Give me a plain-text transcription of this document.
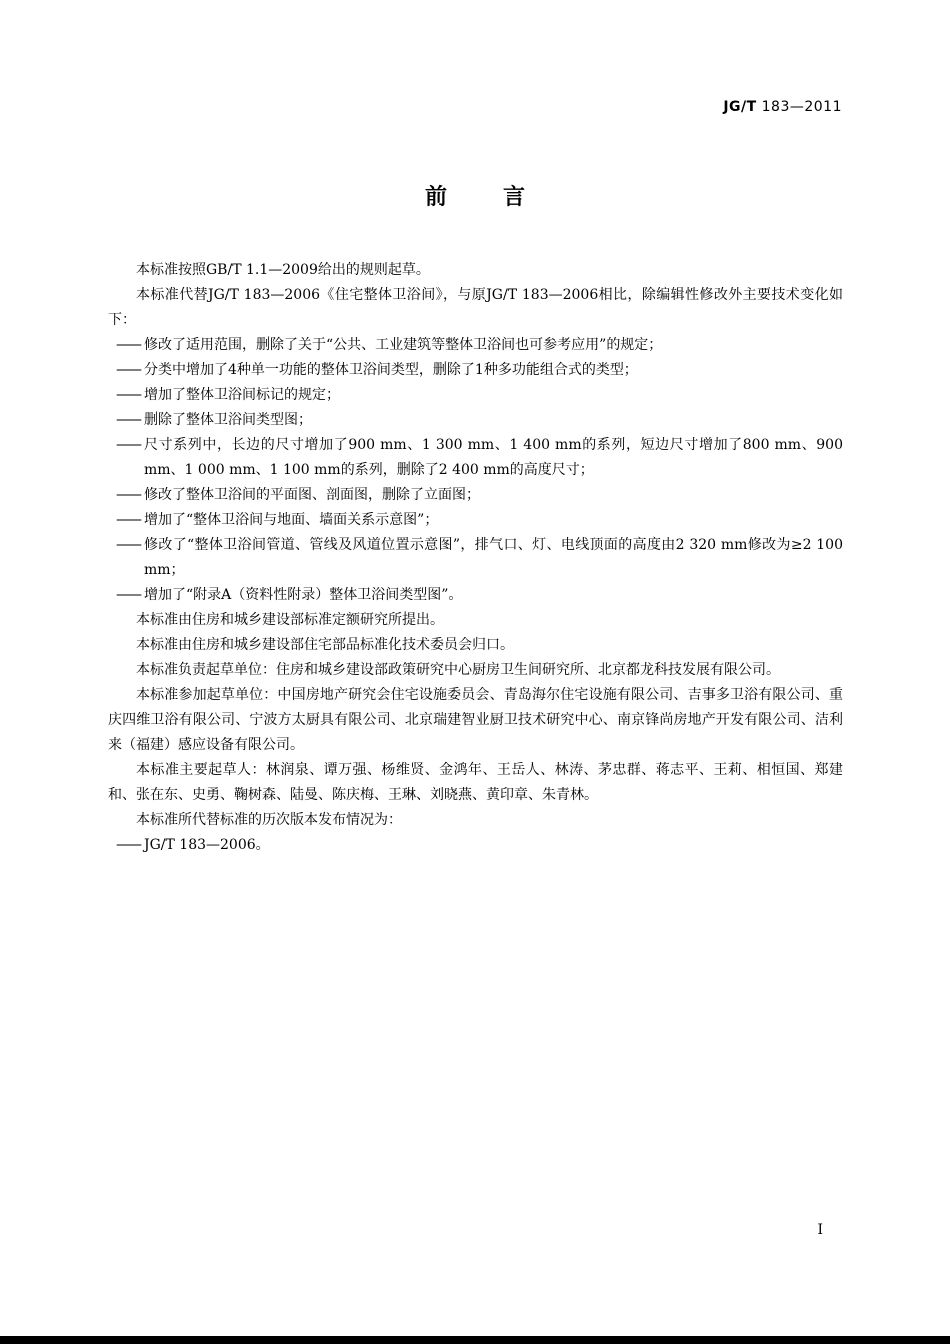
JG/T 183—2011
前言

本标准按照GB/T 1.1—2009给出的规则起草。

本标准代替JG/T 183—2006《住宅整体卫浴间》，与原JG/T 183—2006相比，除编辑性修改外主要技术变化如下：

—— 修改了适用范围，删除了关于“公共、工业建筑等整体卫浴间也可参考应用”的规定；
—— 分类中增加了4种单一功能的整体卫浴间类型，删除了1种多功能组合式的类型；
—— 增加了整体卫浴间标记的规定；
—— 删除了整体卫浴间类型图；
—— 尺寸系列中，长边的尺寸增加了900 mm、1 300 mm、1 400 mm的系列，短边尺寸增加了800 mm、900 mm、1 000 mm、1 100 mm的系列，删除了2 400 mm的高度尺寸；
—— 修改了整体卫浴间的平面图、剖面图，删除了立面图；
—— 增加了“整体卫浴间与地面、墙面关系示意图”；
—— 修改了“整体卫浴间管道、管线及风道位置示意图”，排气口、灯、电线顶面的高度由2 320 mm修改为≥2 100 mm；
—— 增加了“附录A（资料性附录）整体卫浴间类型图”。

本标准由住房和城乡建设部标准定额研究所提出。

本标准由住房和城乡建设部住宅部品标准化技术委员会归口。

本标准负责起草单位：住房和城乡建设部政策研究中心厨房卫生间研究所、北京都龙科技发展有限公司。

本标准参加起草单位：中国房地产研究会住宅设施委员会、青岛海尔住宅设施有限公司、吉事多卫浴有限公司、重庆四维卫浴有限公司、宁波方太厨具有限公司、北京瑞建智业厨卫技术研究中心、南京锋尚房地产开发有限公司、洁利来（福建）感应设备有限公司。

本标准主要起草人：林润泉、谭万强、杨维贤、金鸿年、王岳人、林涛、茅忠群、蒋志平、王莉、相恒国、郑建和、张在东、史勇、鞠树森、陆曼、陈庆梅、王琳、刘晓燕、黄印章、朱青林。

本标准所代替标准的历次版本发布情况为：

—— JG/T 183—2006。
I
